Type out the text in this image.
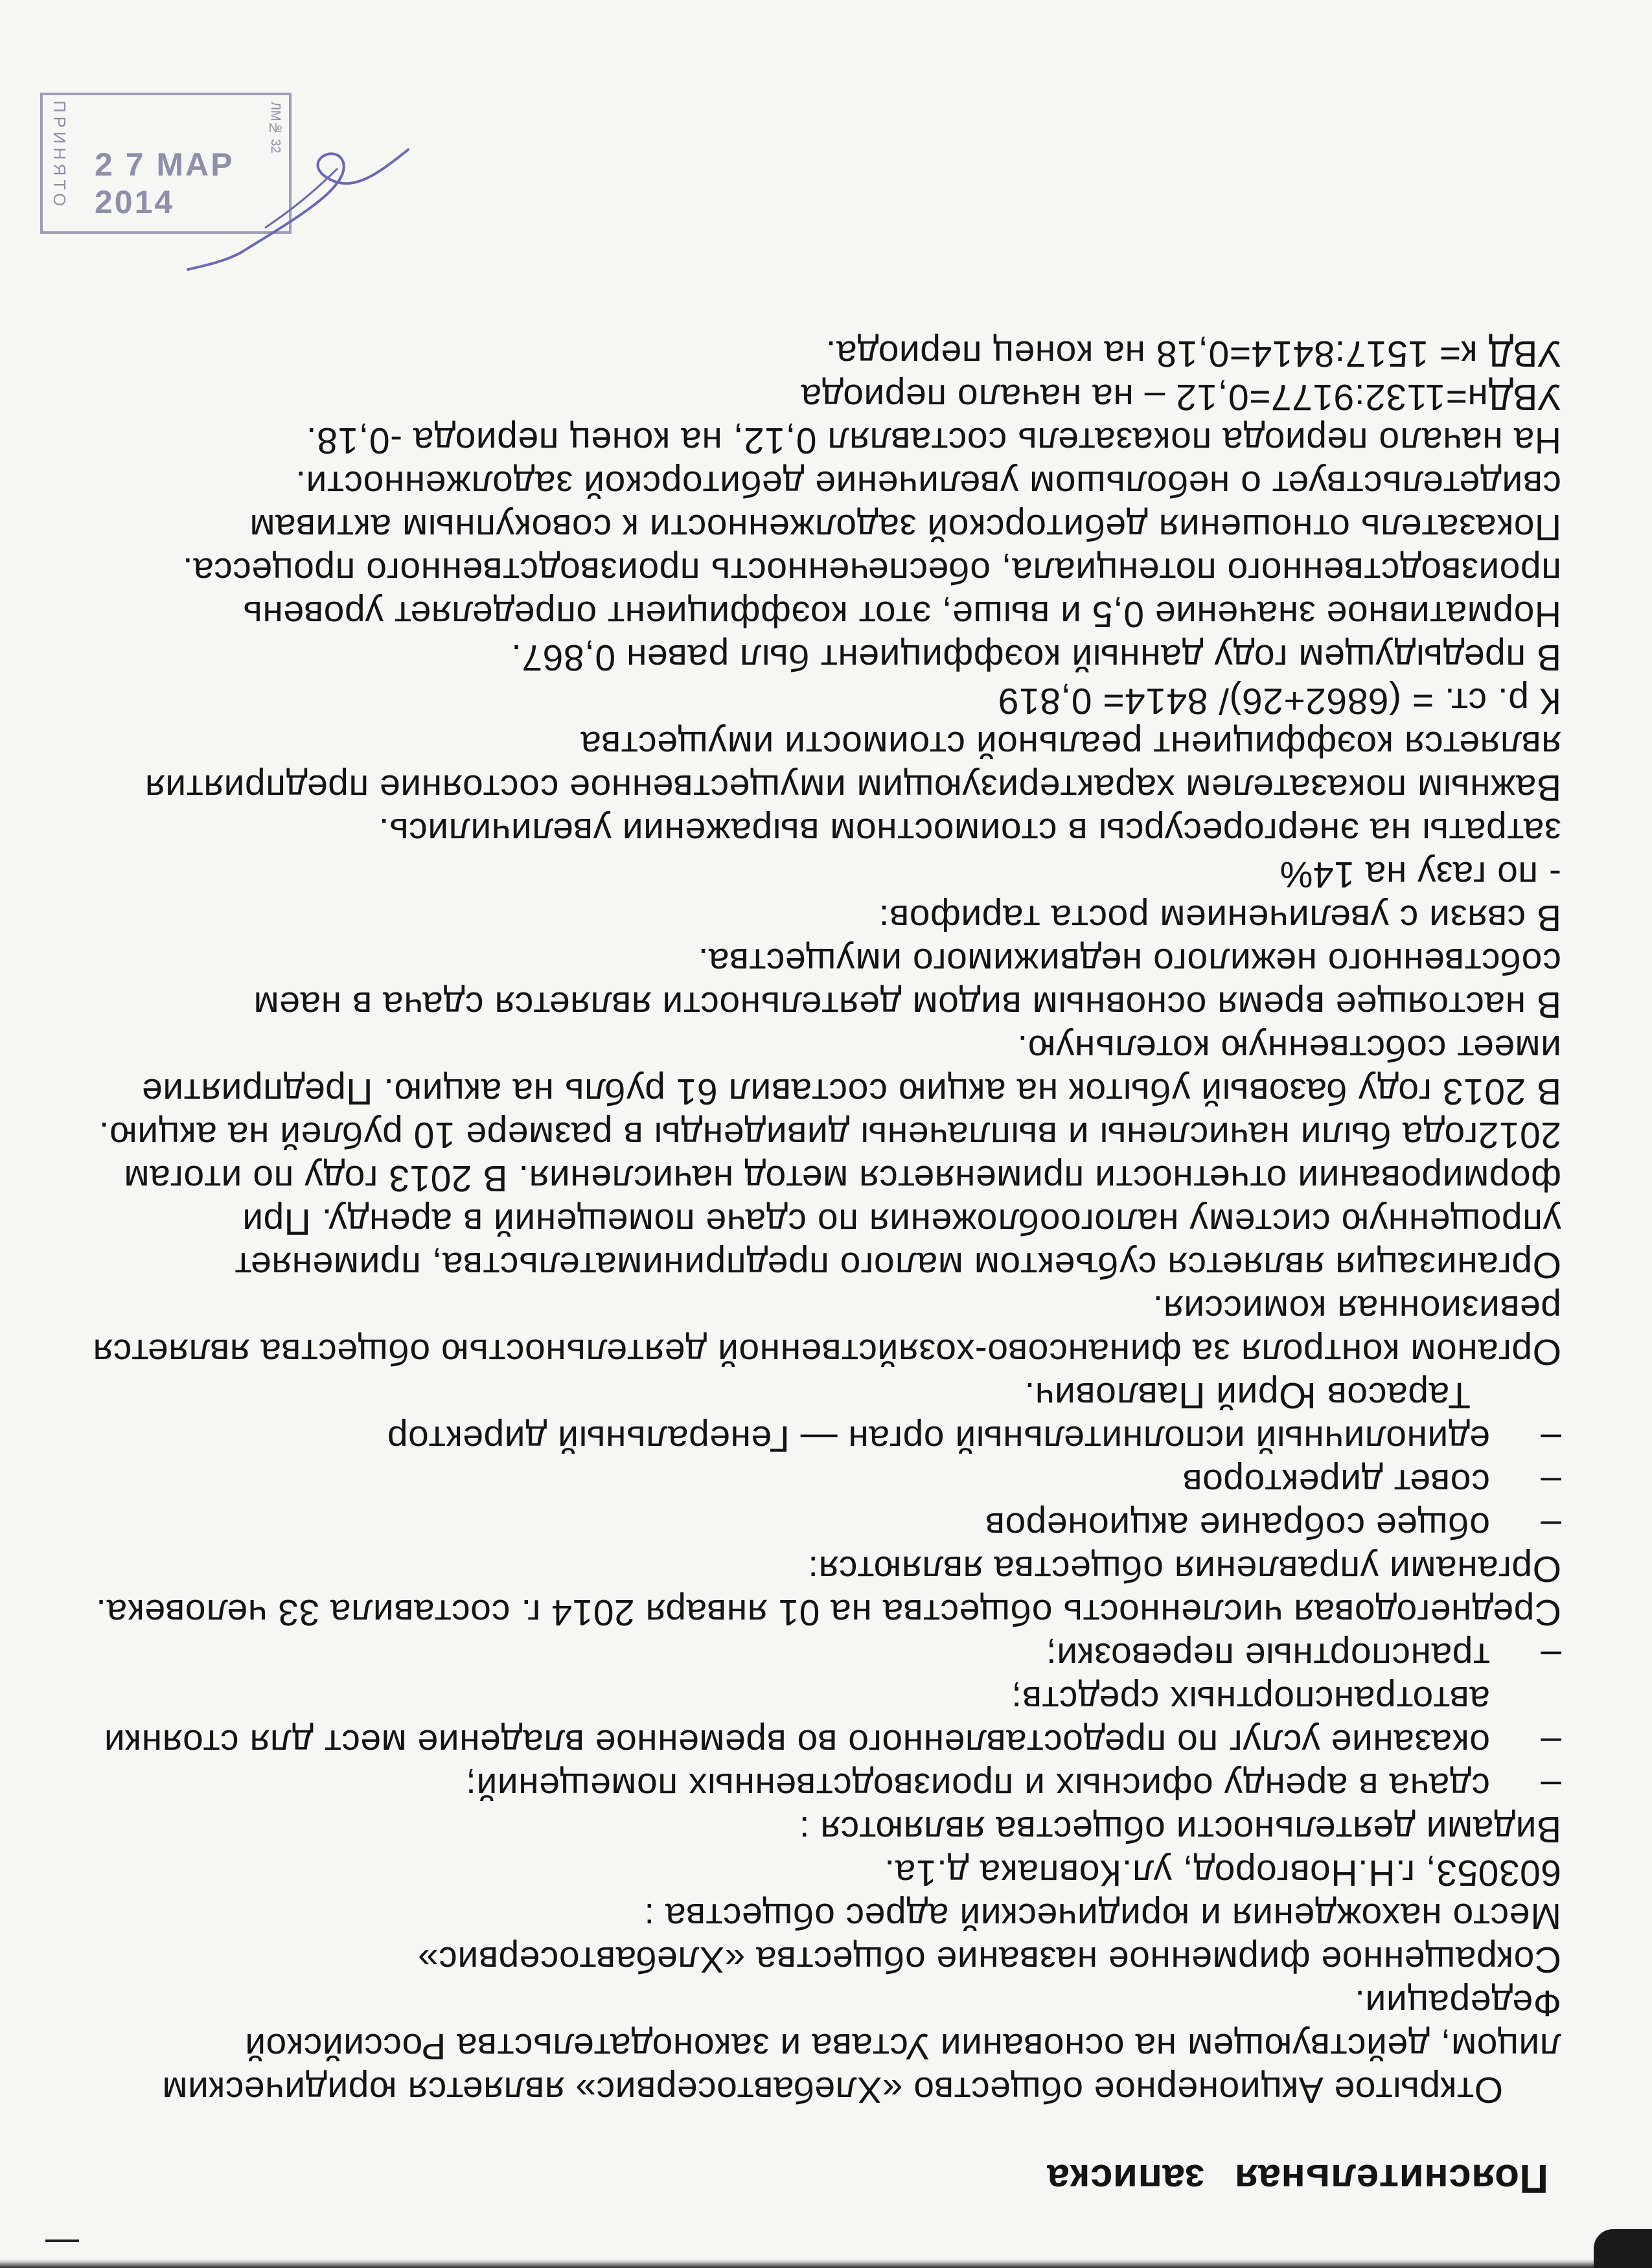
Пояснительная записка

Открытое Акционерное общество «Хлебавтосервис» является юридическим лицом, действующем на основании Устава и законодательства Российской Федерации.

Сокращенное фирменное название общества «Хлебавтосервис»

Место нахождения и юридический адрес общества :

603053, г.Н.Новгород, ул.Ковпака д.1а.

Видами деятельности общества являются :

–
сдача в аренду офисных и производственных помещений;

–
оказание услуг по предоставленного во временное владение мест для стоянки автотранспортных средств;

–
транспортные перевозки;

Среднегодовая численность общества на 01 января 2014 г. составила 33 человека.

Органами управления общества являются:

–
общее собрание акционеров

–
совет директоров

–
единоличный исполнительный орган — Генеральный директор

Тарасов Юрий Павлович.

Органом контроля за финансово-хозяйственной деятельностью общества является ревизионная комиссия.

Организация является субъектом малого предпринимательства, применяет упрощенную систему налогообложения по сдаче помещений в аренду. При формировании отчетности применяется метод начисления. В 2013 году по итогам 2012года были начислены и выплачены дивиденды в размере 10 рублей на акцию. В 2013 году базовый убыток на акцию составил 61 рубль на акцию. Предприятие имеет собственную котельную.

В настоящее время основным видом деятельности является сдача в наем собственного нежилого недвижимого имущества.

В связи с увеличением роста тарифов:

- по газу на 14%

затраты на энергоресурсы в стоимостном выражении увеличились.

Важным показателем характеризующим имущественное состояние предприятия является коэффициент реальной стоимости имущества

К р. ст. = (6862+26)/ 8414= 0,819

В предыдущем году данный коэффициент был равен 0,867.

Нормативное значение 0,5 и выше, этот коэффициент определяет уровень производственного потенциала, обеспеченность производственного процесса.

Показатель отношения дебиторской задолженности к совокупным активам свидетельствует о небольшом увеличение дебиторской задолженности.

На начало периода показатель составлял 0,12, на конец периода -0,18.

УВДн=1132:9177=0,12 – на начало периода

УВД к= 1517:8414=0,18 на конец периода.

ПРИНЯТО 2 7 МАР 2014
ЛМ№ 32
